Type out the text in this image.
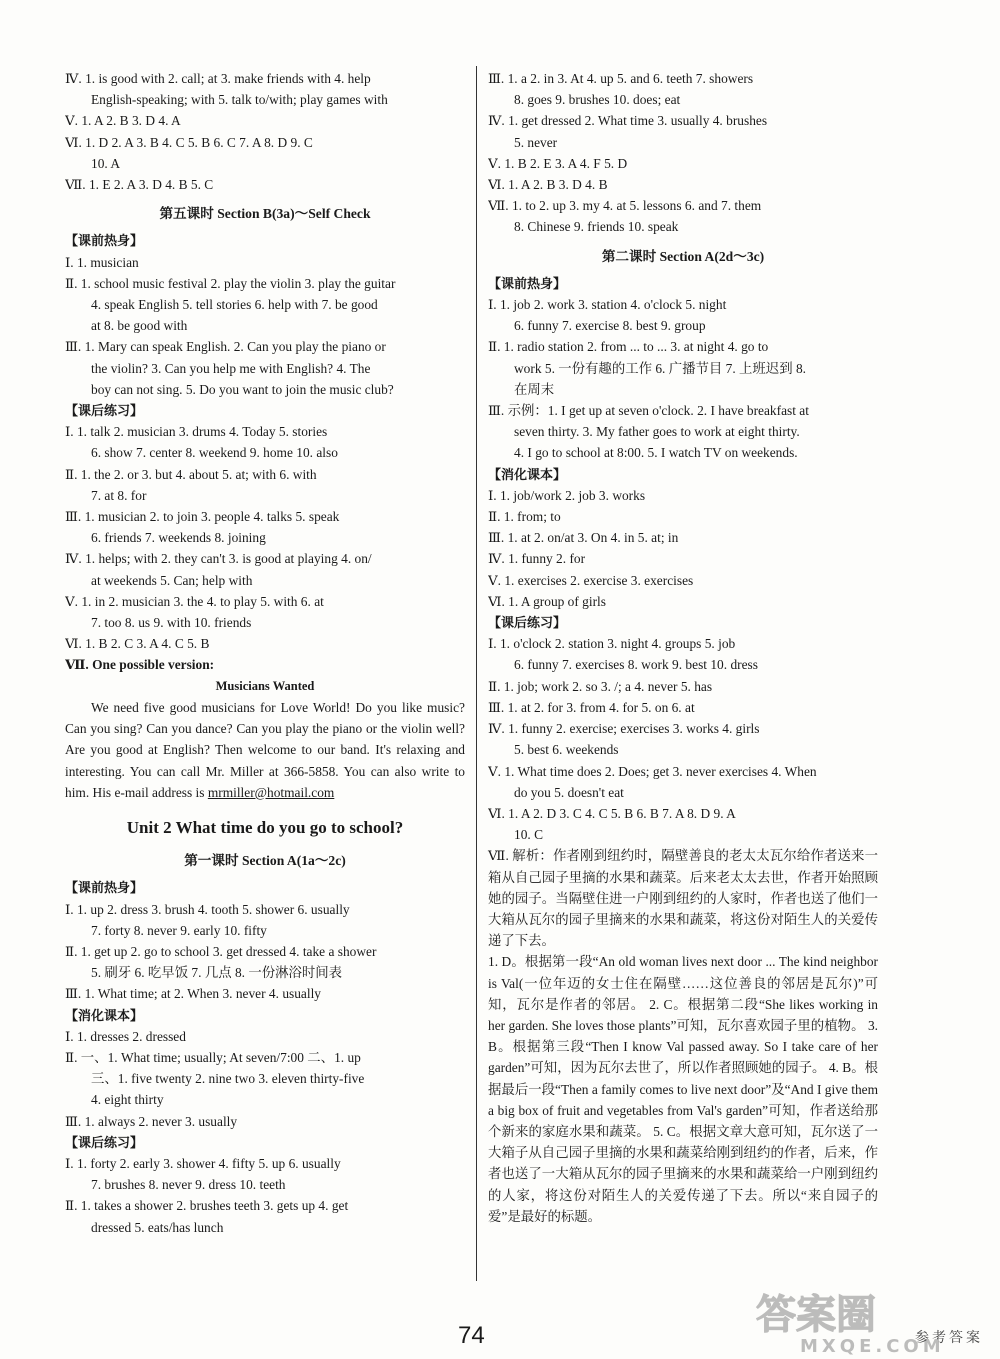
Ⅳ. 1. is good with 2. call; at 3. make friends with 4. help
English-speaking; with 5. talk to/with; play games with
Ⅴ. 1. A 2. B 3. D 4. A
Ⅵ. 1. D 2. A 3. B 4. C 5. B 6. C 7. A 8. D 9. C
10. A
Ⅶ. 1. E 2. A 3. D 4. B 5. C
第五课时 Section B(3a)～Self Check
【课前热身】
Ⅰ. 1. musician
Ⅱ. 1. school music festival 2. play the violin 3. play the guitar
4. speak English 5. tell stories 6. help with 7. be good
at 8. be good with
Ⅲ. 1. Mary can speak English. 2. Can you play the piano or
the violin? 3. Can you help me with English? 4. The
boy can not sing. 5. Do you want to join the music club?
【课后练习】
Ⅰ. 1. talk 2. musician 3. drums 4. Today 5. stories
6. show 7. center 8. weekend 9. home 10. also
Ⅱ. 1. the 2. or 3. but 4. about 5. at; with 6. with
7. at 8. for
Ⅲ. 1. musician 2. to join 3. people 4. talks 5. speak
6. friends 7. weekends 8. joining
Ⅳ. 1. helps; with 2. they can't 3. is good at playing 4. on/
at weekends 5. Can; help with
Ⅴ. 1. in 2. musician 3. the 4. to play 5. with 6. at
7. too 8. us 9. with 10. friends
Ⅵ. 1. B 2. C 3. A 4. C 5. B
Ⅶ. One possible version:
Musicians Wanted
We need five good musicians for Love World! Do you like music? Can you sing? Can you dance? Can you play the piano or the violin well? Are you good at English? Then welcome to our band. It's relaxing and interesting. You can call Mr. Miller at 366-5858. You can also write to him. His e-mail address is mrmiller@hotmail.com
Unit 2 What time do you go to school?
第一课时 Section A(1a～2c)
【课前热身】
Ⅰ. 1. up 2. dress 3. brush 4. tooth 5. shower 6. usually
7. forty 8. never 9. early 10. fifty
Ⅱ. 1. get up 2. go to school 3. get dressed 4. take a shower
5. 刷牙 6. 吃早饭 7. 几点 8. 一份淋浴时间表
Ⅲ. 1. What time; at 2. When 3. never 4. usually
【消化课本】
Ⅰ. 1. dresses 2. dressed
Ⅱ. 一、1. What time; usually; At seven/7:00 二、1. up
三、1. five twenty 2. nine two 3. eleven thirty-five
4. eight thirty
Ⅲ. 1. always 2. never 3. usually
【课后练习】
Ⅰ. 1. forty 2. early 3. shower 4. fifty 5. up 6. usually
7. brushes 8. never 9. dress 10. teeth
Ⅱ. 1. takes a shower 2. brushes teeth 3. gets up 4. get
dressed 5. eats/has lunch
Ⅲ. 1. a 2. in 3. At 4. up 5. and 6. teeth 7. showers
8. goes 9. brushes 10. does; eat
Ⅳ. 1. get dressed 2. What time 3. usually 4. brushes
5. never
Ⅴ. 1. B 2. E 3. A 4. F 5. D
Ⅵ. 1. A 2. B 3. D 4. B
Ⅶ. 1. to 2. up 3. my 4. at 5. lessons 6. and 7. them
8. Chinese 9. friends 10. speak
第二课时 Section A(2d～3c)
【课前热身】
Ⅰ. 1. job 2. work 3. station 4. o'clock 5. night
6. funny 7. exercise 8. best 9. group
Ⅱ. 1. radio station 2. from ... to ... 3. at night 4. go to
work 5. 一份有趣的工作 6. 广播节目 7. 上班迟到 8.
在周末
Ⅲ. 示例：1. I get up at seven o'clock. 2. I have breakfast at
seven thirty. 3. My father goes to work at eight thirty.
4. I go to school at 8:00. 5. I watch TV on weekends.
【消化课本】
Ⅰ. 1. job/work 2. job 3. works
Ⅱ. 1. from; to
Ⅲ. 1. at 2. on/at 3. On 4. in 5. at; in
Ⅳ. 1. funny 2. for
Ⅴ. 1. exercises 2. exercise 3. exercises
Ⅵ. 1. A group of girls
【课后练习】
Ⅰ. 1. o'clock 2. station 3. night 4. groups 5. job
6. funny 7. exercises 8. work 9. best 10. dress
Ⅱ. 1. job; work 2. so 3. /; a 4. never 5. has
Ⅲ. 1. at 2. for 3. from 4. for 5. on 6. at
Ⅳ. 1. funny 2. exercise; exercises 3. works 4. girls
5. best 6. weekends
Ⅴ. 1. What time does 2. Does; get 3. never exercises 4. When
do you 5. doesn't eat
Ⅵ. 1. A 2. D 3. C 4. C 5. B 6. B 7. A 8. D 9. A
10. C
Ⅶ. 解析：作者刚到纽约时，隔壁善良的老太太瓦尔给作者送来一箱从自己园子里摘的水果和蔬菜。后来老太太去世，作者开始照顾她的园子。当隔壁住进一户刚到纽约的人家时，作者也送了他们一大箱从瓦尔的园子里摘来的水果和蔬菜，将这份对陌生人的关爱传递了下去。
1. D。根据第一段“An old woman lives next door ... The kind neighbor is Val(一位年迈的女士住在隔壁……这位善良的邻居是瓦尔)”可知，瓦尔是作者的邻居。 2. C。根据第二段“She likes working in her garden. She loves those plants”可知，瓦尔喜欢园子里的植物。 3. B。根据第三段“Then I know Val passed away. So I take care of her garden”可知，因为瓦尔去世了，所以作者照顾她的园子。 4. B。根据最后一段“Then a family comes to live next door”及“And I give them a big box of fruit and vegetables from Val's garden”可知，作者送给那个新来的家庭水果和蔬菜。 5. C。根据文章大意可知，瓦尔送了一大箱子从自己园子里摘的水果和蔬菜给刚到纽约的作者，后来，作者也送了一大箱从瓦尔的园子里摘来的水果和蔬菜给一户刚到纽约的人家，将这份对陌生人的关爱传递了下去。所以“来自园子的爱”是最好的标题。
74	参考答案
答案圈
MXQE.COM
